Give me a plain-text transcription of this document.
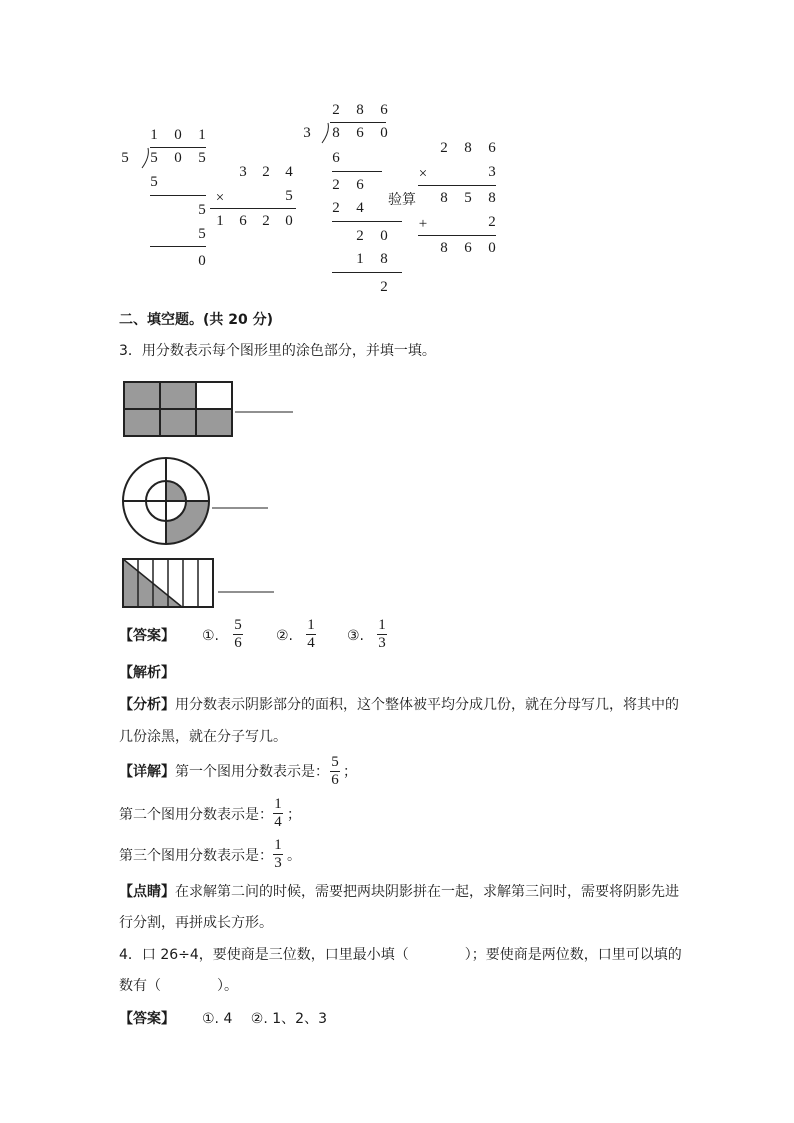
1 0 1
5 5 0 5
5
5
5
0
3 2 4
×	5
1 6 2 0
2 8 6
3 8 6 0
6
2 6
2 4
2 0
1 8
2
验算
2 8 6
×	3
8 5 8
+	2
8 6 0
二、填空题。(共 20 分)
3．用分数表示每个图形里的涂色部分，并填一填。
【答案】 ①.
5
6 ②.
1
4 ③.
1
3
【解析】
【分析】用分数表示阴影部分的面积，这个整体被平均分成几份，就在分母写几，将其中的
几份涂黑，就在分子写几。
【详解】第一个图用分数表示是：
5
6 ；
第二个图用分数表示是：
1
4 ；
第三个图用分数表示是：
1
3 。
【点睛】在求解第二问的时候，需要把两块阴影拼在一起，求解第三问时，需要将阴影先进
行分割，再拼成长方形。
4．口 26÷4，要使商是三位数，口里最小填（　　　　）；要使商是两位数，口里可以填的
数有（　　　　）。
【答案】 ①. 4　 ②. 1、2、3
